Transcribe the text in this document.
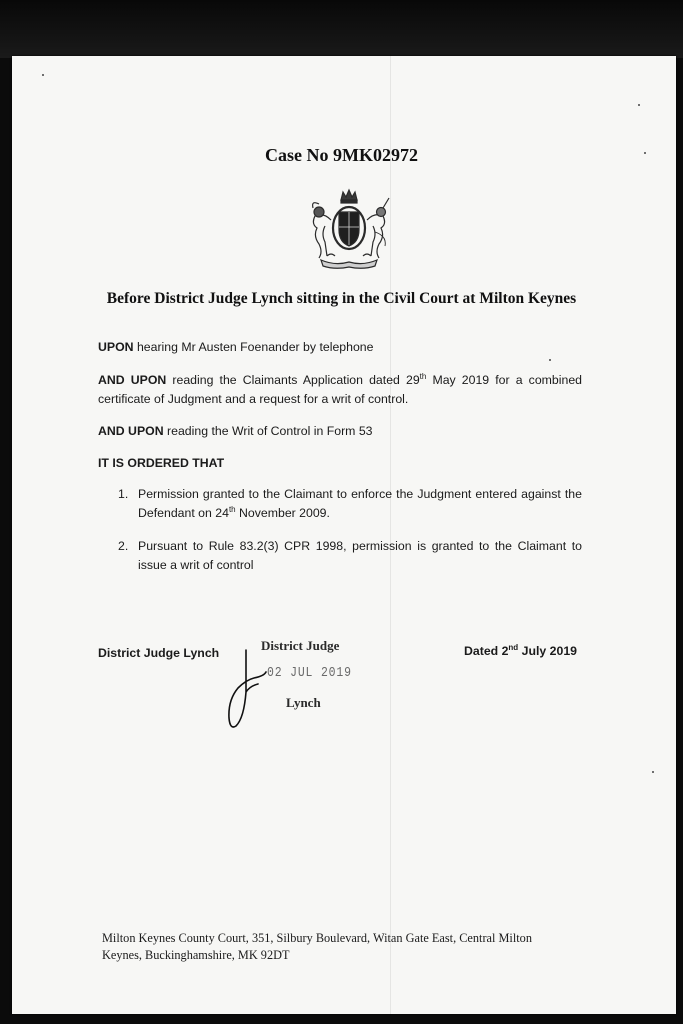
Case No 9MK02972
Before District Judge Lynch sitting in the Civil Court at Milton Keynes
UPON hearing Mr Austen Foenander by telephone
AND UPON reading the Claimants Application dated 29th May 2019 for a combined certificate of Judgment and a request for a writ of control.
AND UPON reading the Writ of Control in Form 53
IT IS ORDERED THAT
1. Permission granted to the Claimant to enforce the Judgment entered against the Defendant on 24th November 2009.
2. Pursuant to Rule 83.2(3) CPR 1998, permission is granted to the Claimant to issue a writ of control
District Judge Lynch	District Judge
02 JUL 2019
Lynch
Dated 2nd July 2019
Milton Keynes County Court, 351, Silbury Boulevard, Witan Gate East, Central Milton
Keynes, Buckinghamshire, MK 92DT
